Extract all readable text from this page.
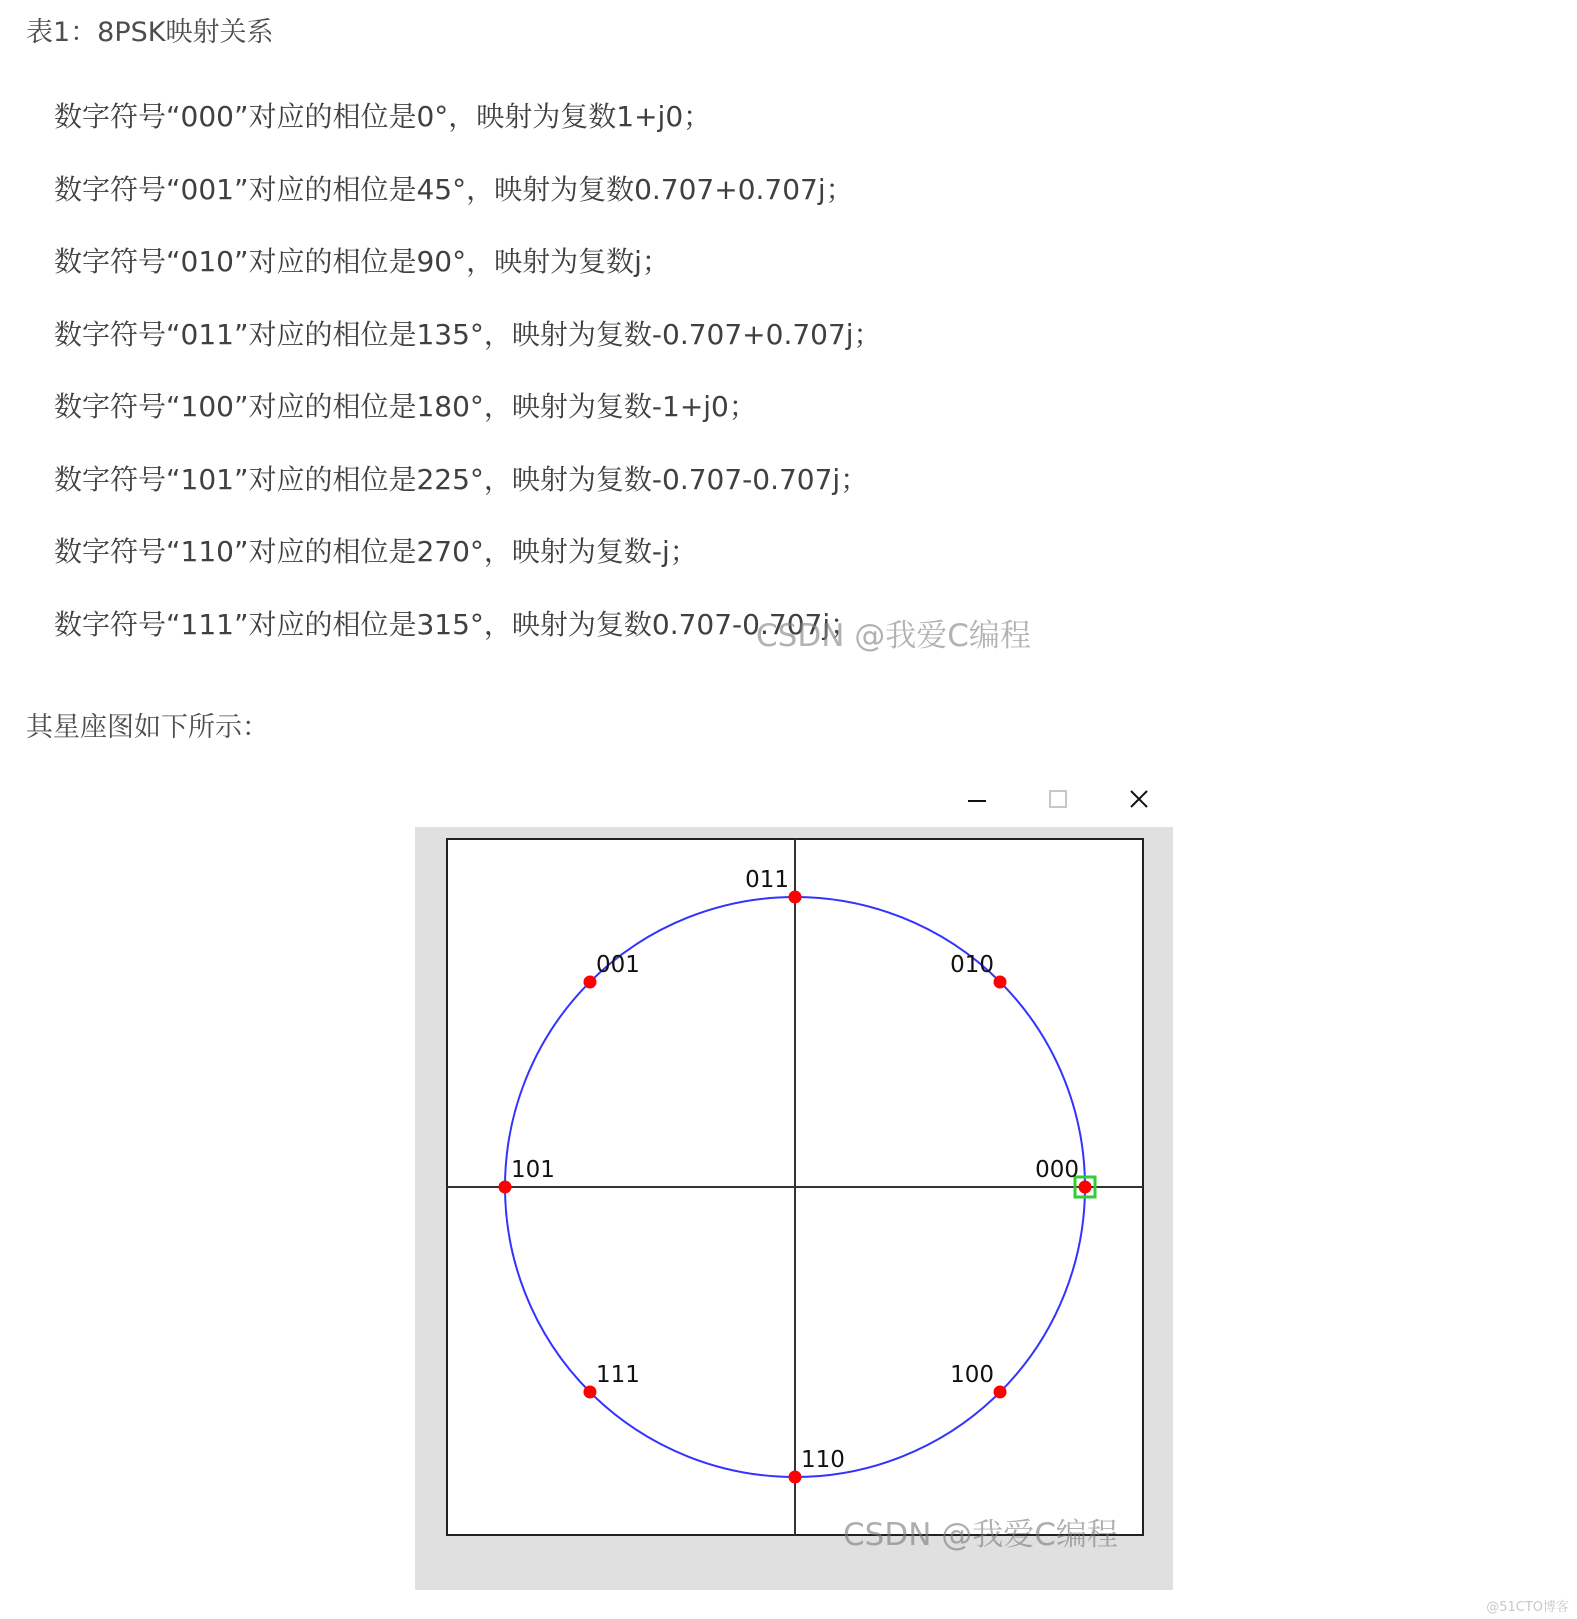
表1：8PSK映射关系
数字符号“000”对应的相位是0°，映射为复数1+j0；
数字符号“001”对应的相位是45°，映射为复数0.707+0.707j；
数字符号“010”对应的相位是90°，映射为复数j；
数字符号“011”对应的相位是135°，映射为复数-0.707+0.707j；
数字符号“100”对应的相位是180°，映射为复数-1+j0；
数字符号“101”对应的相位是225°，映射为复数-0.707-0.707j；
数字符号“110”对应的相位是270°，映射为复数-j；
数字符号“111”对应的相位是315°，映射为复数0.707-0.707j；
CSDN @我爱C编程

其星座图如下所示：

000
001	010
011
100
101
110
111
CSDN @我爱C编程
@51CTO博客
